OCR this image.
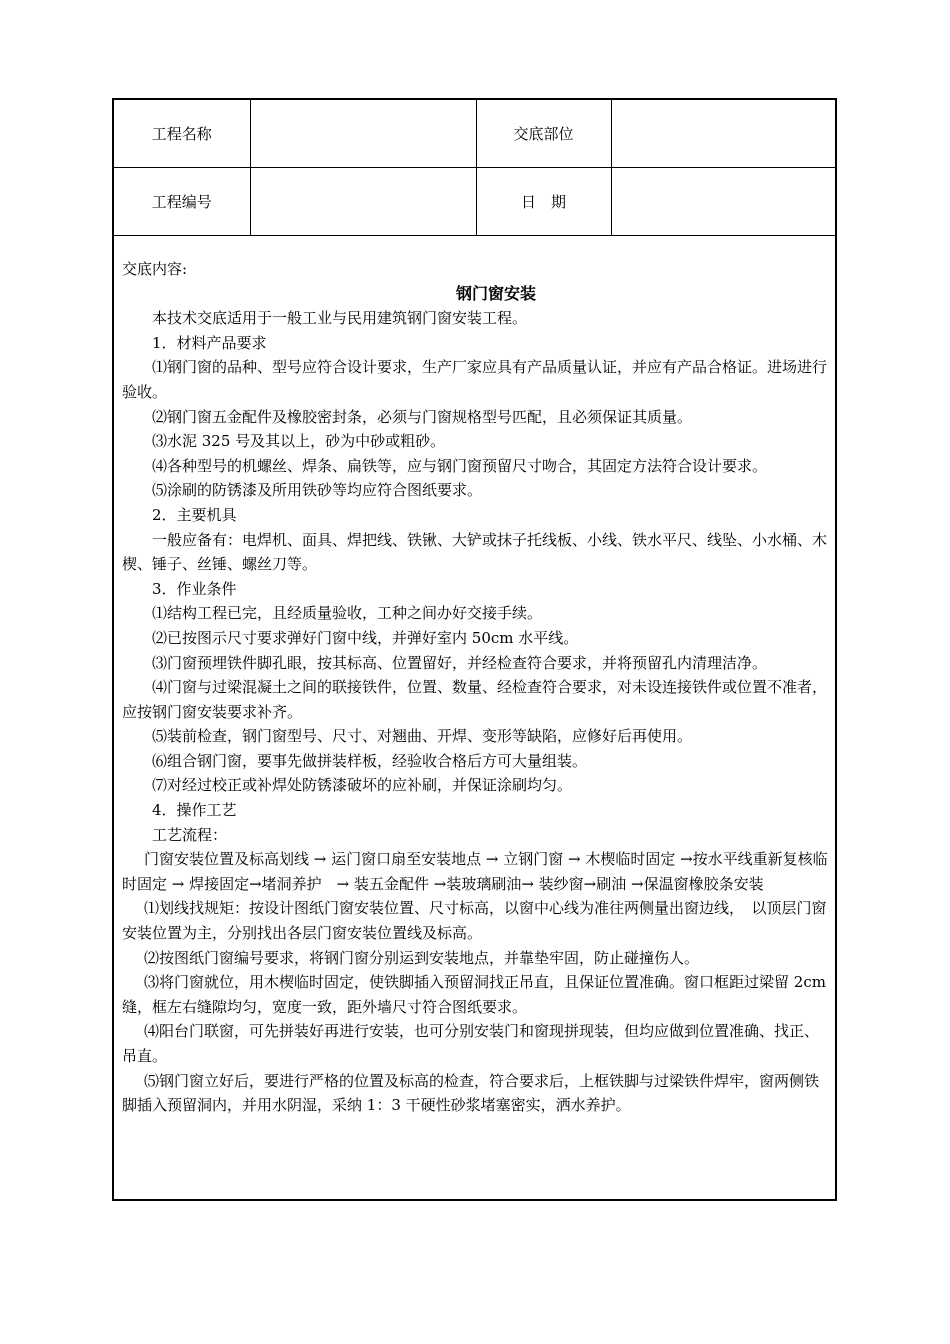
工程名称		交底部位	
工程编号		日　期	

交底内容:

钢门窗安装

本技术交底适用于一般工业与民用建筑钢门窗安装工程。

1．材料产品要求

⑴钢门窗的品种、型号应符合设计要求，生产厂家应具有产品质量认证，并应有产品合格证。进场进行验收。

⑵钢门窗五金配件及橡胶密封条，必须与门窗规格型号匹配，且必须保证其质量。

⑶水泥 325 号及其以上，砂为中砂或粗砂。

⑷各种型号的机螺丝、焊条、扁铁等，应与钢门窗预留尺寸吻合，其固定方法符合设计要求。

⑸涂刷的防锈漆及所用铁砂等均应符合图纸要求。

2．主要机具

一般应备有：电焊机、面具、焊把线、铁锹、大铲或抹子托线板、小线、铁水平尺、线坠、小水桶、木楔、锤子、丝锤、螺丝刀等。

3．作业条件

⑴结构工程已完，且经质量验收，工种之间办好交接手续。

⑵已按图示尺寸要求弹好门窗中线，并弹好室内 50cm 水平线。

⑶门窗预埋铁件脚孔眼，按其标高、位置留好，并经检查符合要求，并将预留孔内清理洁净。

⑷门窗与过梁混凝土之间的联接铁件，位置、数量、经检查符合要求，对未设连接铁件或位置不准者，应按钢门窗安装要求补齐。

⑸装前检查，钢门窗型号、尺寸、对翘曲、开焊、变形等缺陷，应修好后再使用。

⑹组合钢门窗，要事先做拼装样板，经验收合格后方可大量组装。

⑺对经过校正或补焊处防锈漆破坏的应补刷，并保证涂刷均匀。

4．操作工艺

工艺流程：

门窗安装位置及标高划线 → 运门窗口扇至安装地点 → 立钢门窗 → 木楔临时固定 →按水平线重新复核临时固定 → 焊接固定→堵洞养护　→ 装五金配件 →装玻璃刷油→ 装纱窗→刷油 →保温窗橡胶条安装

⑴划线找规矩：按设计图纸门窗安装位置、尺寸标高，以窗中心线为准往两侧量出窗边线，　以顶层门窗安装位置为主，分别找出各层门窗安装位置线及标高。

⑵按图纸门窗编号要求，将钢门窗分别运到安装地点，并靠垫牢固，防止碰撞伤人。

⑶将门窗就位，用木楔临时固定，使铁脚插入预留洞找正吊直，且保证位置准确。窗口框距过梁留 2cm 缝，框左右缝隙均匀，宽度一致，距外墙尺寸符合图纸要求。

⑷阳台门联窗，可先拼装好再进行安装，也可分别安装门和窗现拼现装，但均应做到位置准确、找正、吊直。

⑸钢门窗立好后，要进行严格的位置及标高的检查，符合要求后，上框铁脚与过梁铁件焊牢，窗两侧铁脚插入预留洞内，并用水阴湿，采纳 1：3 干硬性砂浆堵塞密实，洒水养护。
